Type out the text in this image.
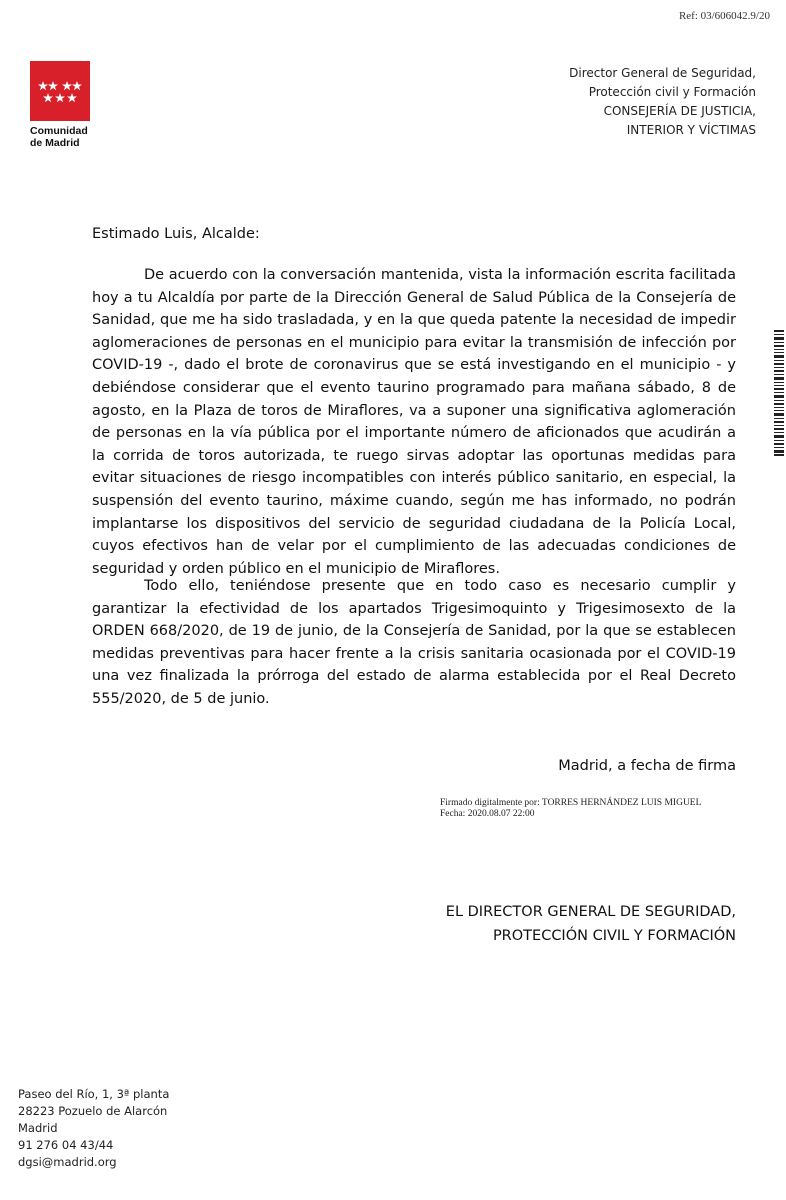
Ref: 03/606042.9/20
Comunidad
de Madrid
Director General de Seguridad,
Protección civil y Formación
CONSEJERÍA DE JUSTICIA,
INTERIOR Y VÍCTIMAS
Estimado Luis, Alcalde:

De acuerdo con la conversación mantenida, vista la información escrita facilitada hoy a tu Alcaldía por parte de la Dirección General de Salud Pública de la Consejería de Sanidad, que me ha sido trasladada, y en la que queda patente la necesidad de impedir aglomeraciones de personas en el municipio para evitar la transmisión de infección por COVID-19 -, dado el brote de coronavirus que se está investigando en el municipio - y debiéndose considerar que el evento taurino programado para mañana sábado, 8 de agosto, en la Plaza de toros de Miraflores, va a suponer una significativa aglomeración de personas en la vía pública por el importante número de aficionados que acudirán a la corrida de toros autorizada, te ruego sirvas adoptar las oportunas medidas para evitar situaciones de riesgo incompatibles con interés público sanitario, en especial, la suspensión del evento taurino, máxime cuando, según me has informado, no podrán implantarse los dispositivos del servicio de seguridad ciudadana de la Policía Local, cuyos efectivos han de velar por el cumplimiento de las adecuadas condiciones de seguridad y orden público en el municipio de Miraflores.

Todo ello, teniéndose presente que en todo caso es necesario cumplir y garantizar la efectividad de los apartados Trigesimoquinto y Trigesimosexto de la ORDEN 668/2020, de 19 de junio, de la Consejería de Sanidad, por la que se establecen medidas preventivas para hacer frente a la crisis sanitaria ocasionada por el COVID-19 una vez finalizada la prórroga del estado de alarma establecida por el Real Decreto 555/2020, de 5 de junio.

Madrid, a fecha de firma
Firmado digitalmente por: TORRES HERNÁNDEZ LUIS MIGUEL
Fecha: 2020.08.07 22:00
EL DIRECTOR GENERAL DE SEGURIDAD,
PROTECCIÓN CIVIL Y FORMACIÓN
Paseo del Río, 1, 3ª planta
28223 Pozuelo de Alarcón
Madrid
91 276 04 43/44
dgsi@madrid.org
